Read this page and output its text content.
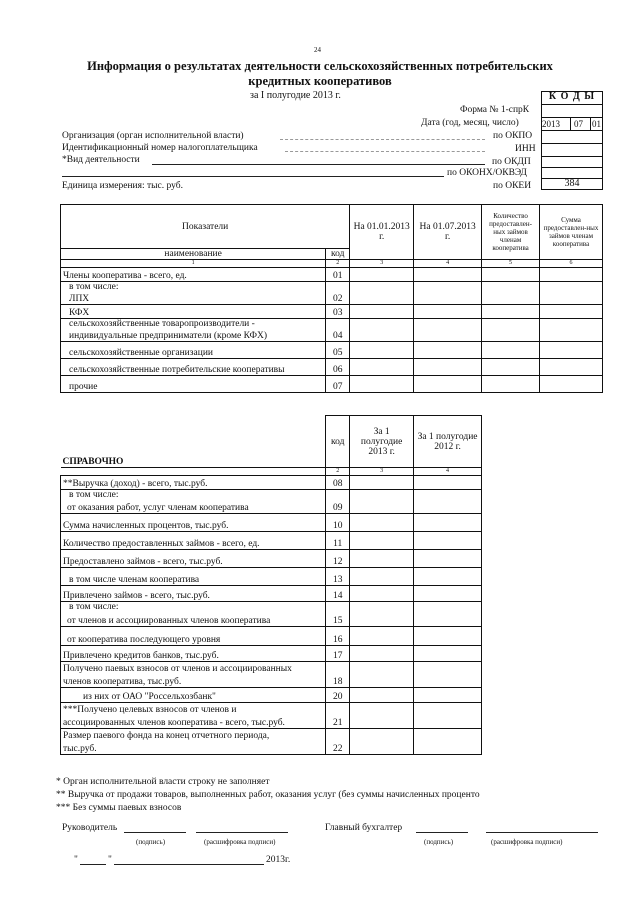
24
Информация о результатах деятельности сельскохозяйственных потребительских
кредитных кооперативов
за I полугодие 2013 г.	К О Д Ы
2013 07 01
384
Форма № 1-спрК
Дата (год, месяц, число)
по ОКПО
ИНН
по ОКДП
по ОКОНХ/ОКВЭД
по ОКЕИ
Организация (орган исполнительной власти)
Идентификационный номер налогоплательщика
*Вид деятельности
Единица измерения: тыс. руб.
Показатели		На 01.01.2013 г.	На 01.07.2013 г.	Количество предоставлен-ных займов членам кооператива	Сумма предоставлен-ных займов членам кооператива
наименование	код				
1	2	3	4	5	6
Члены кооператива - всего, ед.	01				
в том числе:					
ЛПХ	02				
КФХ	03				
сельскохозяйственные товаропроизводители -					
индивидуальные предприниматели (кроме КФХ)	04				
сельскохозяйственные организации	05				
сельскохозяйственные потребительские кооперативы	06				
прочие	07				
СПРАВОЧНО	код	За 1 полугодие 2013 г.	За 1 полугодие 2012 г.
	2	3	4
**Выручка (доход) - всего, тыс.руб.	08		
в том числе:			
от оказания работ, услуг членам кооператива	09		
Сумма начисленных процентов, тыс.руб.	10		
Количество предоставленных займов - всего, ед.	11		
Предоставлено займов - всего, тыс.руб.	12		
в том числе членам кооператива	13		
Привлечено займов - всего, тыс.руб.	14		
в том числе:			
от членов и ассоциированных членов кооператива	15		
от кооператива последующего уровня	16		
Привлечено кредитов банков, тыс.руб.	17		
Получено паевых взносов от членов и ассоциированных			
членов кооператива, тыс.руб.	18		
из них от ОАО "Россельхозбанк"	20		
***Получено целевых взносов от членов и			
ассоциированных членов кооператива - всего, тыс.руб.	21		
Размер паевого фонда на конец отчетного периода,			
тыс.руб.	22		
* Орган исполнительной власти строку не заполняет
** Выручка от продажи товаров, выполненных работ, оказания услуг (без суммы начисленных проценто
*** Без суммы паевых взносов
Руководитель
(подпись)	(расшифровка подписи)
Главный бухгалтер
(подпись)	(расшифровка подписи)
"	"	2013г.
